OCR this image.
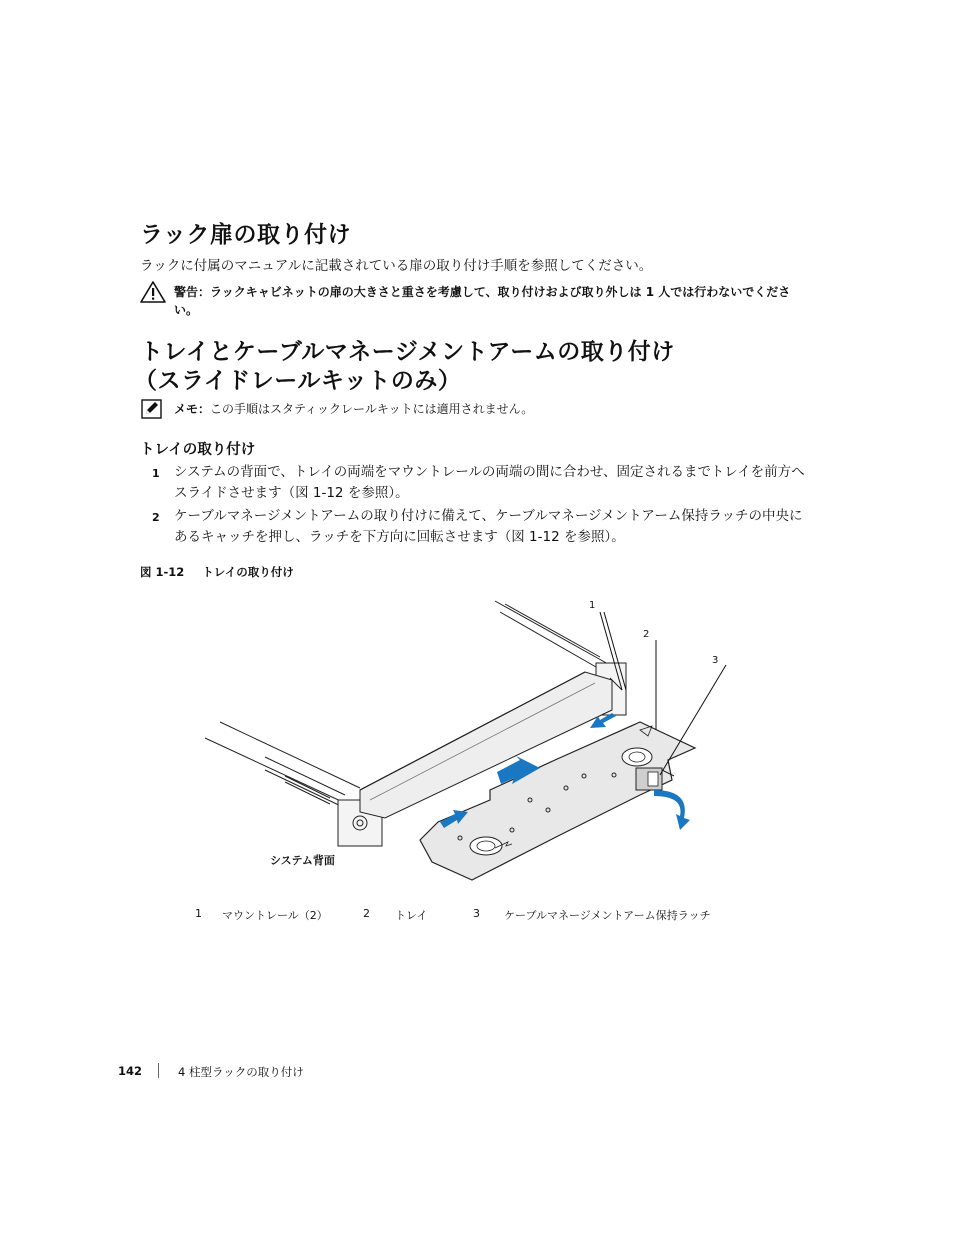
ラック扉の取り付け
ラックに付属のマニュアルに記載されている扉の取り付け手順を参照してください。
警告：ラックキャビネットの扉の大きさと重さを考慮して、取り付けおよび取り外しは 1 人では行わないでください。
トレイとケーブルマネージメントアームの取り付け
（スライドレールキットのみ）
メモ：この手順はスタティックレールキットには適用されません。
トレイの取り付け
1 システムの背面で、トレイの両端をマウントレールの両端の間に合わせ、固定されるまでトレイを前方へスライドさせます（図 1-12 を参照）。
2 ケーブルマネージメントアームの取り付けに備えて、ケーブルマネージメントアーム保持ラッチの中央にあるキャッチを押し、ラッチを下方向に回転させます（図 1-12 を参照）。
図 1-12 トレイの取り付け
1
2
3
システム背面
1 マウントレール（2）	2 トレイ	3 ケーブルマネージメントアーム保持ラッチ
142	4 柱型ラックの取り付け
